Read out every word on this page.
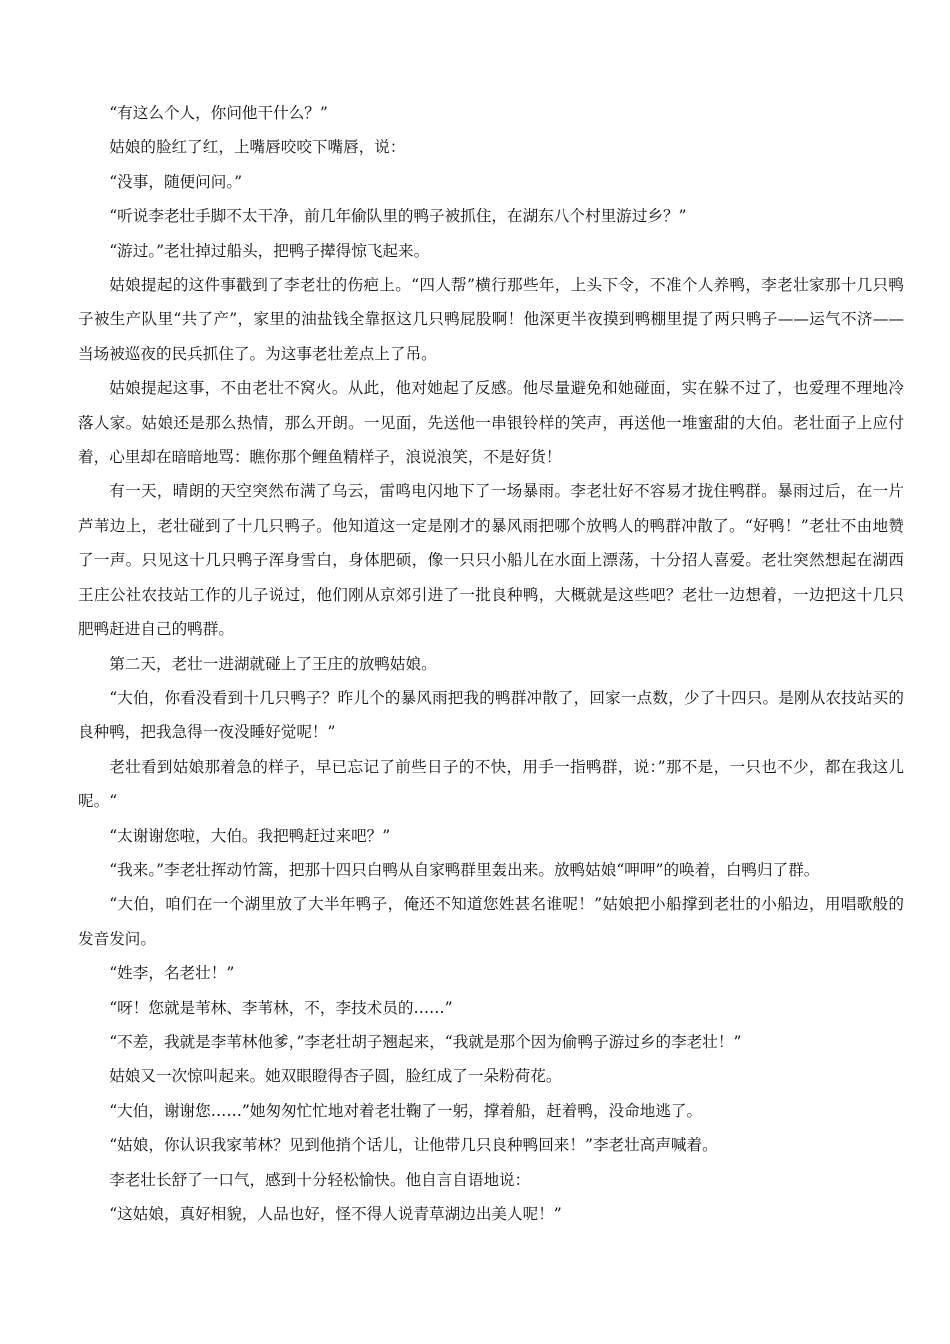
“有这么个人，你问他干什么？”

姑娘的脸红了红，上嘴唇咬咬下嘴唇，说：

“没事，随便问问。”

“听说李老壮手脚不太干净，前几年偷队里的鸭子被抓住，在湖东八个村里游过乡？”

“游过。”老壮掉过船头，把鸭子撵得惊飞起来。

姑娘提起的这件事戳到了李老壮的伤疤上。“四人帮”横行那些年，上头下令，不准个人养鸭，李老壮家那十几只鸭子被生产队里“共了产”，家里的油盐钱全靠抠这几只鸭屁股啊！他深更半夜摸到鸭棚里提了两只鸭子——运气不济——当场被巡夜的民兵抓住了。为这事老壮差点上了吊。

姑娘提起这事，不由老壮不窝火。从此，他对她起了反感。他尽量避免和她碰面，实在躲不过了，也爱理不理地冷落人家。姑娘还是那么热情，那么开朗。一见面，先送他一串银铃样的笑声，再送他一堆蜜甜的大伯。老壮面子上应付着，心里却在暗暗地骂：瞧你那个鲤鱼精样子，浪说浪笑，不是好货！

有一天，晴朗的天空突然布满了乌云，雷鸣电闪地下了一场暴雨。李老壮好不容易才拢住鸭群。暴雨过后，在一片芦苇边上，老壮碰到了十几只鸭子。他知道这一定是刚才的暴风雨把哪个放鸭人的鸭群冲散了。“好鸭！”老壮不由地赞了一声。只见这十几只鸭子浑身雪白，身体肥硕，像一只只小船儿在水面上漂荡，十分招人喜爱。老壮突然想起在湖西王庄公社农技站工作的儿子说过，他们刚从京郊引进了一批良种鸭，大概就是这些吧？老壮一边想着，一边把这十几只肥鸭赶进自己的鸭群。

第二天，老壮一进湖就碰上了王庄的放鸭姑娘。

“大伯，你看没看到十几只鸭子？昨儿个的暴风雨把我的鸭群冲散了，回家一点数，少了十四只。是刚从农技站买的良种鸭，把我急得一夜没睡好觉呢！”

老壮看到姑娘那着急的样子，早已忘记了前些日子的不快，用手一指鸭群，说：”那不是，一只也不少，都在我这儿呢。“

“太谢谢您啦，大伯。我把鸭赶过来吧？”

“我来。”李老壮挥动竹篙，把那十四只白鸭从自家鸭群里轰出来。放鸭姑娘“呷呷”的唤着，白鸭归了群。

“大伯，咱们在一个湖里放了大半年鸭子，俺还不知道您姓甚名谁呢！”姑娘把小船撑到老壮的小船边，用唱歌般的发音发问。

“姓李，名老壮！”

“呀！您就是苇林、李苇林，不，李技术员的……”

“不差，我就是李苇林他爹，”李老壮胡子翘起来，“我就是那个因为偷鸭子游过乡的李老壮！”

姑娘又一次惊叫起来。她双眼瞪得杏子圆，脸红成了一朵粉荷花。

“大伯，谢谢您……”她匆匆忙忙地对着老壮鞠了一躬，撑着船，赶着鸭，没命地逃了。

“姑娘，你认识我家苇林？见到他捎个话儿，让他带几只良种鸭回来！”李老壮高声喊着。

李老壮长舒了一口气，感到十分轻松愉快。他自言自语地说：

“这姑娘，真好相貌，人品也好，怪不得人说青草湖边出美人呢！”
